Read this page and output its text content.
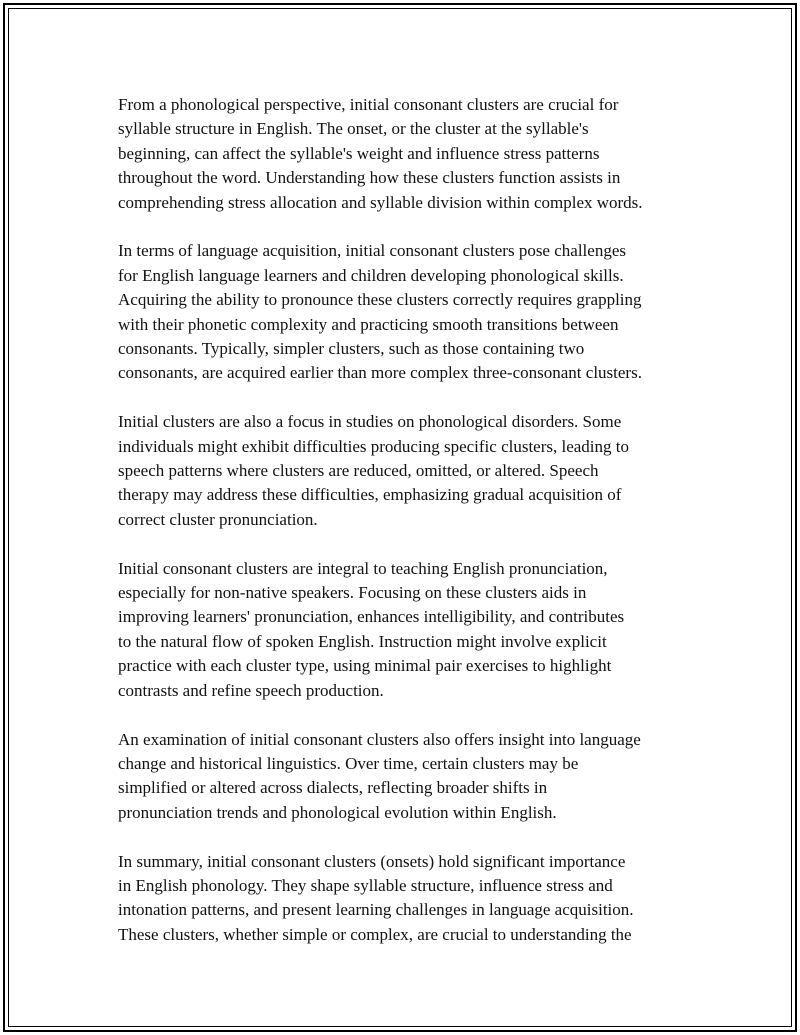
From a phonological perspective, initial consonant clusters are crucial for
syllable structure in English. The onset, or the cluster at the syllable's
beginning, can affect the syllable's weight and influence stress patterns
throughout the word. Understanding how these clusters function assists in
comprehending stress allocation and syllable division within complex words.

In terms of language acquisition, initial consonant clusters pose challenges
for English language learners and children developing phonological skills.
Acquiring the ability to pronounce these clusters correctly requires grappling
with their phonetic complexity and practicing smooth transitions between
consonants. Typically, simpler clusters, such as those containing two
consonants, are acquired earlier than more complex three-consonant clusters.

Initial clusters are also a focus in studies on phonological disorders. Some
individuals might exhibit difficulties producing specific clusters, leading to
speech patterns where clusters are reduced, omitted, or altered. Speech
therapy may address these difficulties, emphasizing gradual acquisition of
correct cluster pronunciation.

Initial consonant clusters are integral to teaching English pronunciation,
especially for non-native speakers. Focusing on these clusters aids in
improving learners' pronunciation, enhances intelligibility, and contributes
to the natural flow of spoken English. Instruction might involve explicit
practice with each cluster type, using minimal pair exercises to highlight
contrasts and refine speech production.

An examination of initial consonant clusters also offers insight into language
change and historical linguistics. Over time, certain clusters may be
simplified or altered across dialects, reflecting broader shifts in
pronunciation trends and phonological evolution within English.

In summary, initial consonant clusters (onsets) hold significant importance
in English phonology. They shape syllable structure, influence stress and
intonation patterns, and present learning challenges in language acquisition.
These clusters, whether simple or complex, are crucial to understanding the
